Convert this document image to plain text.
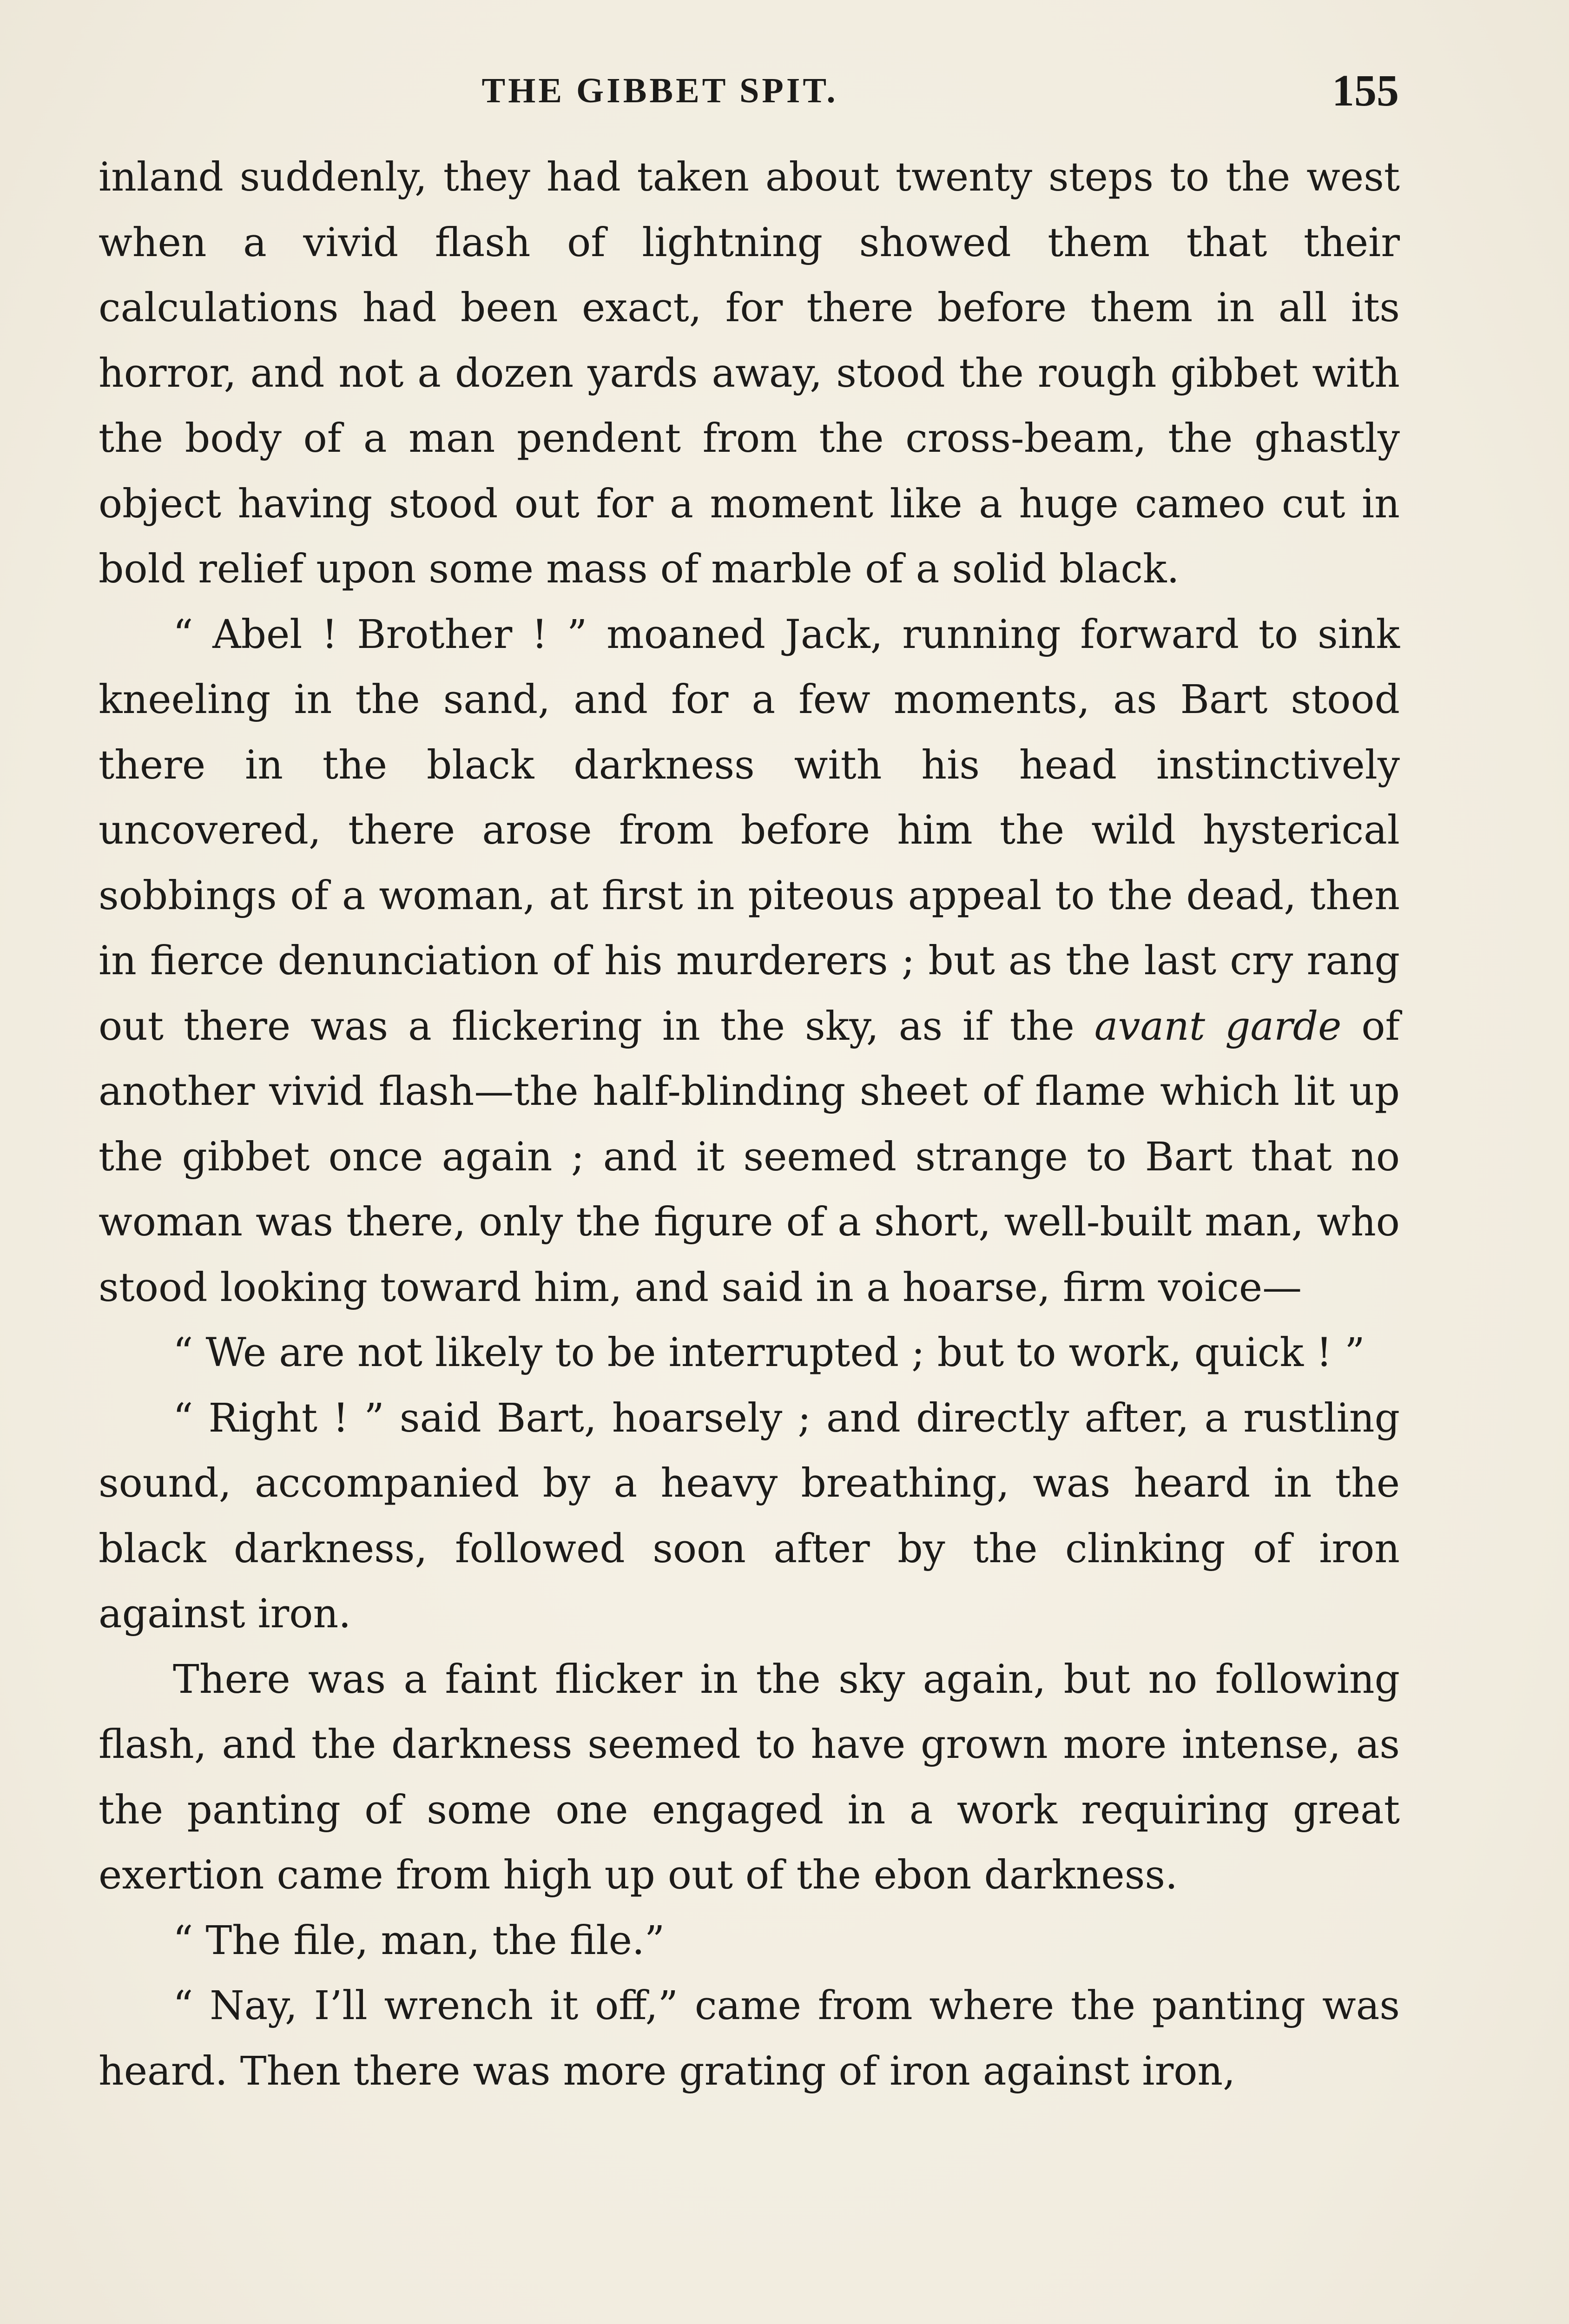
THE GIBBET SPIT.	155

inland suddenly, they had taken about twenty steps to the west when a vivid flash of lightning showed them that their calculations had been exact, for there before them in all its horror, and not a dozen yards away, stood the rough gibbet with the body of a man pendent from the cross-beam, the ghastly object having stood out for a moment like a huge cameo cut in bold relief upon some mass of marble of a solid black.

“ Abel ! Brother ! ” moaned Jack, running forward to sink kneeling in the sand, and for a few moments, as Bart stood there in the black darkness with his head instinctively uncovered, there arose from before him the wild hysterical sobbings of a woman, at first in piteous appeal to the dead, then in fierce denunciation of his murderers ; but as the last cry rang out there was a flickering in the sky, as if the avant garde of another vivid flash—the half-blinding sheet of flame which lit up the gibbet once again ; and it seemed strange to Bart that no woman was there, only the figure of a short, well-built man, who stood looking toward him, and said in a hoarse, firm voice—

“ We are not likely to be interrupted ; but to work, quick ! ”

“ Right ! ” said Bart, hoarsely ; and directly after, a rustling sound, accompanied by a heavy breathing, was heard in the black darkness, followed soon after by the clinking of iron against iron.

There was a faint flicker in the sky again, but no following flash, and the darkness seemed to have grown more intense, as the panting of some one engaged in a work requiring great exertion came from high up out of the ebon darkness.

“ The file, man, the file.”

“ Nay, I’ll wrench it off,” came from where the panting was heard. Then there was more grating of iron against iron,
